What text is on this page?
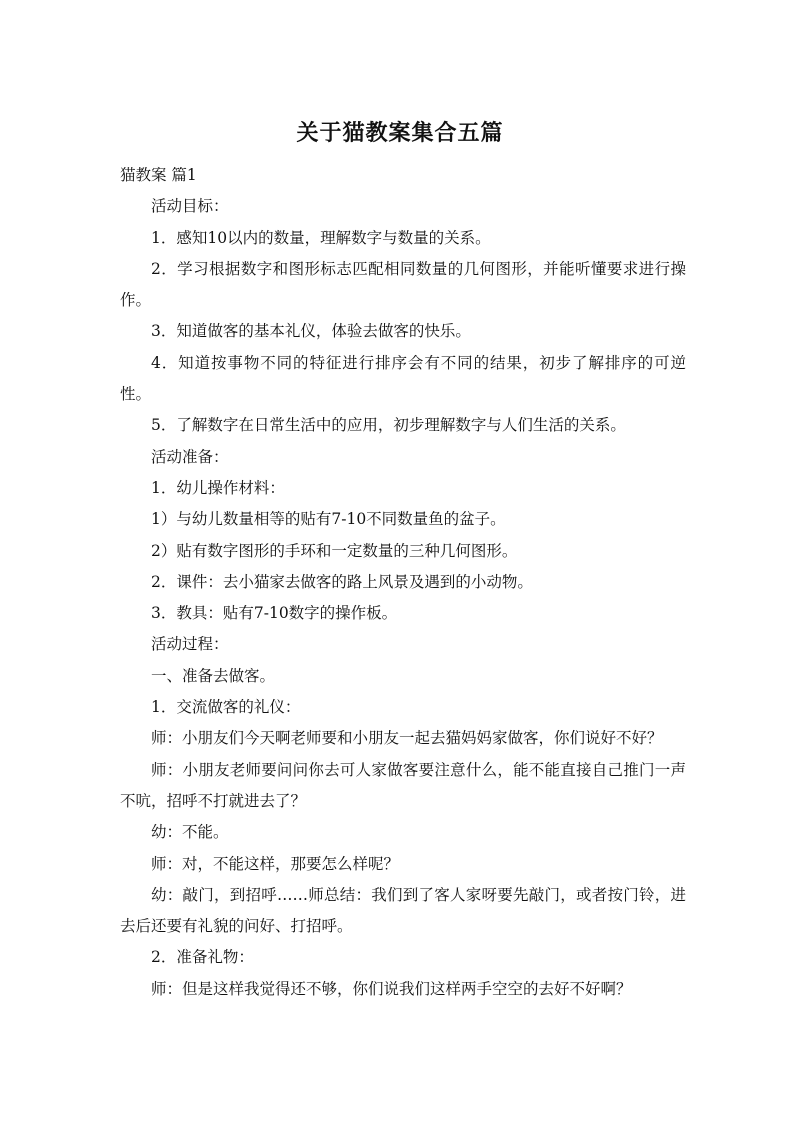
关于猫教案集合五篇

猫教案 篇1

活动目标：

1．感知10以内的数量，理解数字与数量的关系。

2．学习根据数字和图形标志匹配相同数量的几何图形，并能听懂要求进行操作。

3．知道做客的基本礼仪，体验去做客的快乐。

4．知道按事物不同的特征进行排序会有不同的结果，初步了解排序的可逆性。

5．了解数字在日常生活中的应用，初步理解数字与人们生活的关系。

活动准备：

1．幼儿操作材料：

1）与幼儿数量相等的贴有7-10不同数量鱼的盆子。

2）贴有数字图形的手环和一定数量的三种几何图形。

2．课件：去小猫家去做客的路上风景及遇到的小动物。

3．教具：贴有7-10数字的操作板。

活动过程：

一、准备去做客。

1．交流做客的礼仪：

师：小朋友们今天啊老师要和小朋友一起去猫妈妈家做客，你们说好不好？

师：小朋友老师要问问你去可人家做客要注意什么，能不能直接自己推门一声不吭，招呼不打就进去了？

幼：不能。

师：对，不能这样，那要怎么样呢？

幼：敲门，到招呼……师总结：我们到了客人家呀要先敲门，或者按门铃，进去后还要有礼貌的问好、打招呼。

2．准备礼物：

师：但是这样我觉得还不够，你们说我们这样两手空空的去好不好啊？
